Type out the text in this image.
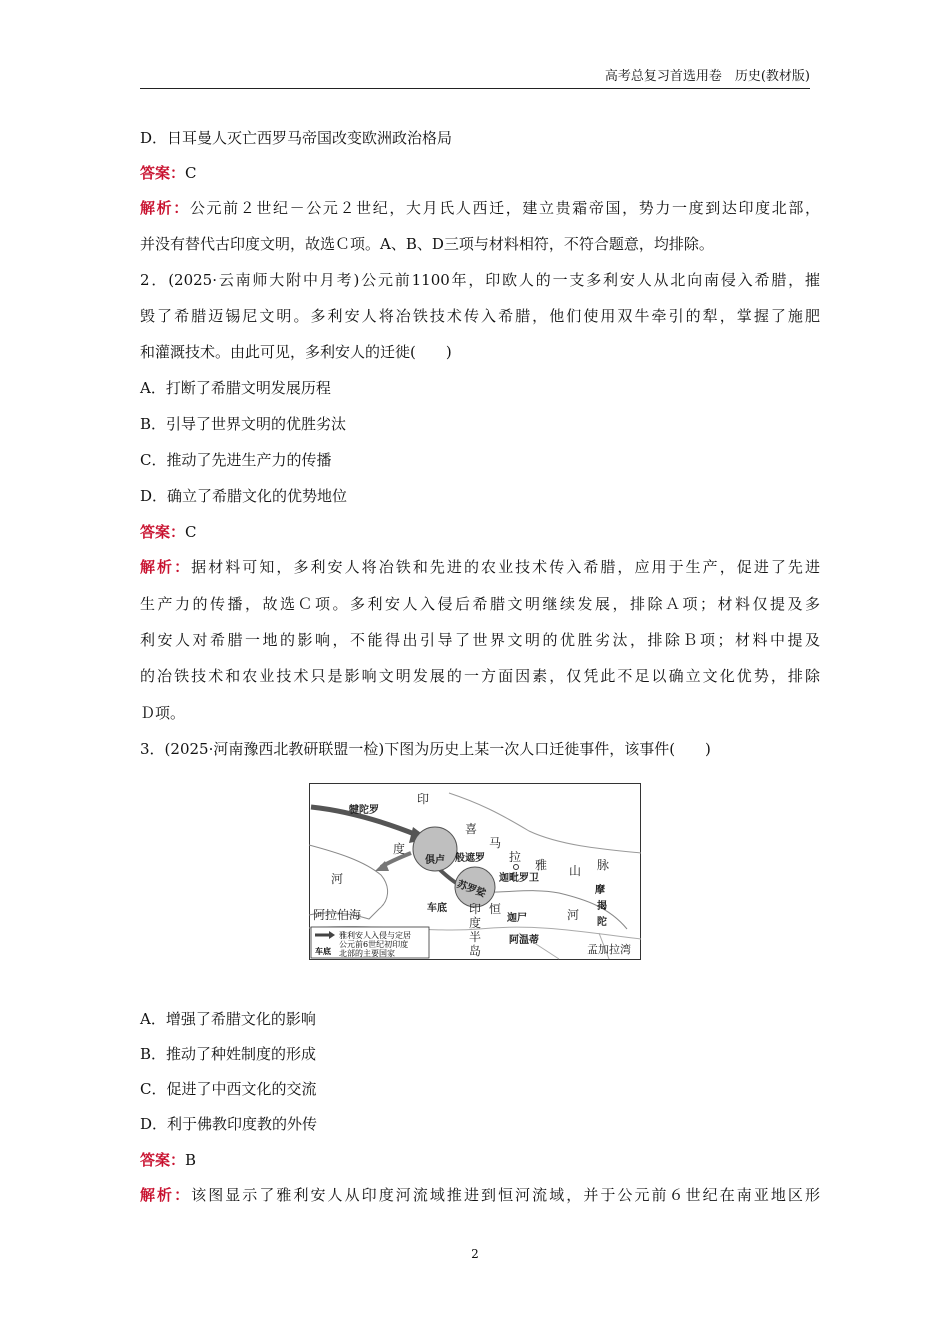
高考总复习首选用卷　历史(教材版)
D．日耳曼人灭亡西罗马帝国改变欧洲政治格局
答案：C
解析：公元前２世纪－公元２世纪，大月氏人西迁，建立贵霜帝国，势力一度到达印度北部，
并没有替代古印度文明，故选Ｃ项。A、B、D三项与材料相符，不符合题意，均排除。
2．(2025·云南师大附中月考)公元前1100年，印欧人的一支多利安人从北向南侵入希腊，摧
毁了希腊迈锡尼文明。多利安人将冶铁技术传入希腊，他们使用双牛牵引的犁，掌握了施肥
和灌溉技术。由此可见，多利安人的迁徙(　　)
A．打断了希腊文明发展历程
B．引导了世界文明的优胜劣汰
C．推动了先进生产力的传播
D．确立了希腊文化的优势地位
答案：C
解析：据材料可知，多利安人将冶铁和先进的农业技术传入希腊，应用于生产，促进了先进
生产力的传播，故选Ｃ项。多利安人入侵后希腊文明继续发展，排除Ａ项；材料仅提及多
利安人对希腊一地的影响，不能得出引导了世界文明的优胜劣汰，排除Ｂ项；材料中提及
的冶铁技术和农业技术只是影响文明发展的一方面因素，仅凭此不足以确立文化优势，排除
Ｄ项。
3．(2025·河南豫西北教研联盟一检)下图为历史上某一次人口迁徙事件，该事件(　　)
犍陀罗
印
喜
马
度
拉
雅 山 脉
河
俱卢 般遮罗
迦毗罗卫
苏罗娑	摩
揭
陀
阿拉伯海	车底	恒
迦尸	河
印
度
半
岛
阿温蒂
孟加拉湾
雅利安人入侵与定居
车底
公元前6世纪初印度
北部的主要国家
A．增强了希腊文化的影响
B．推动了种姓制度的形成
C．促进了中西文化的交流
D．利于佛教印度教的外传
答案：B
解析：该图显示了雅利安人从印度河流域推进到恒河流域，并于公元前６世纪在南亚地区形
2
